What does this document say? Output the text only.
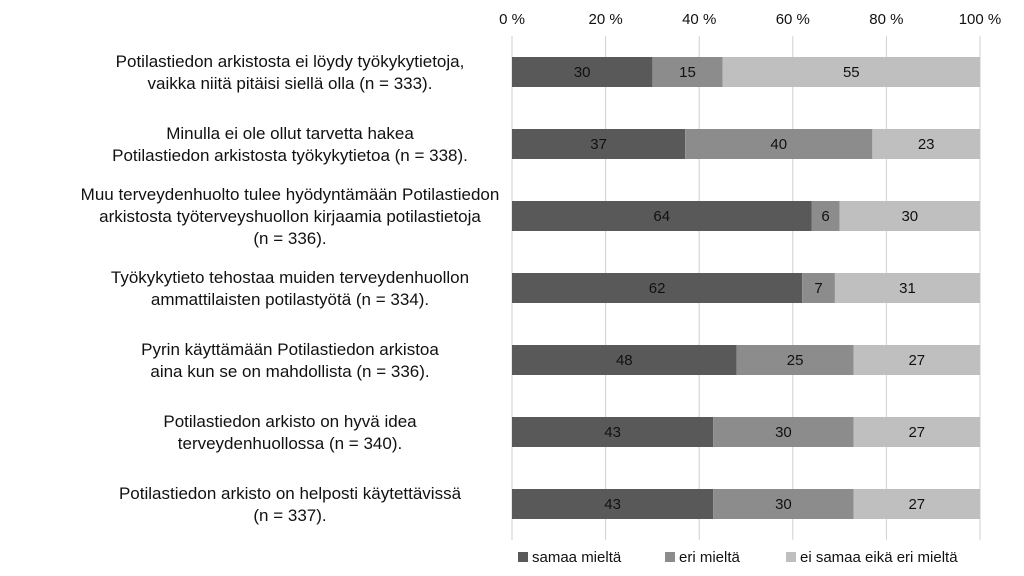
0 %	20 %	40 %	60 %	80 %	100 %
Potilastiedon arkistosta ei löydy työkykytietoja, vaikka niitä pitäisi siellä olla (n = 333).
30	15	55
Minulla ei ole ollut tarvetta hakea Potilastiedon arkistosta työkykytietoa (n = 338).
37	40	23
Muu terveydenhuolto tulee hyödyntämään Potilastiedon arkistosta työterveyshuollon kirjaamia potilastietoja (n = 336).
64	6	30
Työkykytieto tehostaa muiden terveydenhuollon ammattilaisten potilastyötä (n = 334).
62	7	31
Pyrin käyttämään Potilastiedon arkistoa aina kun se on mahdollista (n = 336).
48	25	27
Potilastiedon arkisto on hyvä idea terveydenhuollossa (n = 340).
43	30	27
Potilastiedon arkisto on helposti käytettävissä (n = 337).
43	30	27
samaa mieltä	eri mieltä	ei samaa eikä eri mieltä
